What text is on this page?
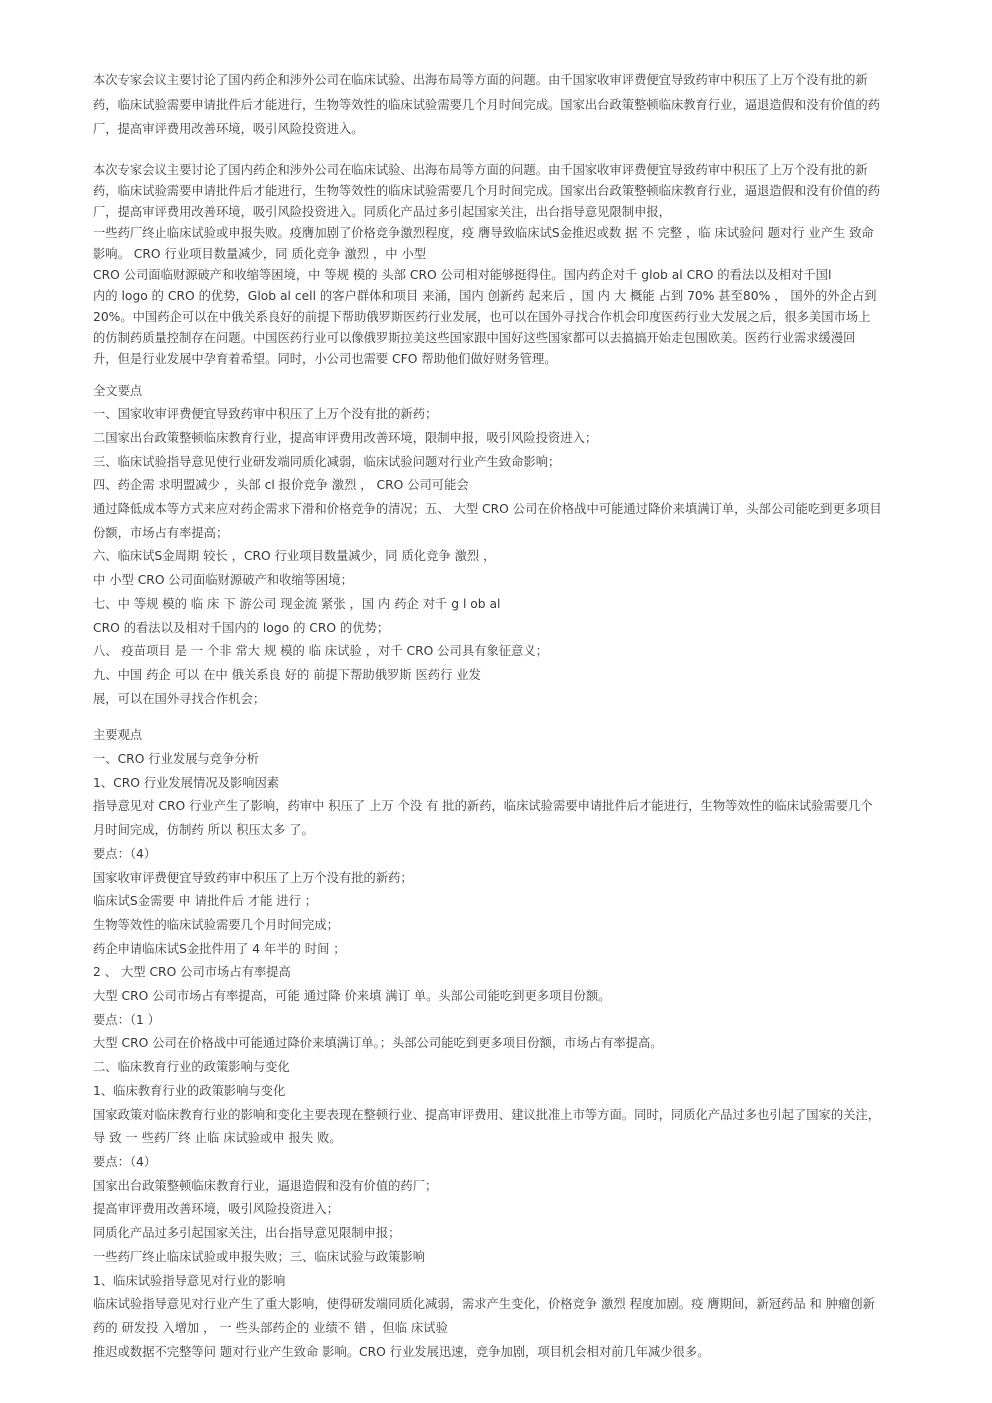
本次专家会议主要讨论了国内药企和涉外公司在临床试验、出海布局等方面的问题。由千国家收审评费便宜导致药审中积压了上万个没有批的新

药，临床试验需要申请批件后才能进行，生物等效性的临床试验需要几个月时间完成。国家出台政策整顿临床教育行业，逼退造假和没有价值的药

厂，提高审评费用改善环境，吸引风险投资进入。

本次专家会议主要讨论了国内药企和涉外公司在临床试验、出海布局等方面的问题。由千国家收审评费便宜导致药审中积压了上万个没有批的新

药，临床试验需要申请批件后才能进行，生物等效性的临床试验需要几个月时间完成。国家出台政策整顿临床教育行业，逼退造假和没有价值的药

厂，提高审评费用改善环境，吸引风险投资进入。同质化产品过多引起国家关注，出台指导意见限制申报，

一些药厂终止临床试验或申报失败。疫膺加剧了价格竞争激烈程度，疫 膺导致临床试S金推迟或数 据 不 完整 ，临 床试验问 题对行 业产生 致命

影响。 CRO 行业项目数量减少，同 质化竞争 激烈 ，中 小型

CRO 公司面临财源破产和收缩等困境，中 等规 模的 头部 CRO 公司相对能够挺得住。国内药企对千 glob al CRO 的看法以及相对千国l

内的 logo 的 CRO 的优势，Glob al cell 的客户群体和项目 来涌，国内 创新药 起来后 ，国 内 大 概能 占到 70% 甚至80% ， 国外的外企占到

20%。中国药企可以在中俄关系良好的前提下帮助俄罗斯医药行业发展，也可以在国外寻找合作机会印度医药行业大发展之后，很多美国市场上

的仿制药质量控制存在问题。中国医药行业可以像俄罗斯拉美这些国家跟中国好这些国家都可以去搞搞开始走包围欧美。医药行业需求缓漫回

升，但是行业发展中孕育着希望。同时，小公司也需要 CFO 帮助他们做好财务管理。

全文要点

一、国家收审评费便宜导致药审中积压了上万个没有批的新药；

二国家出台政策整顿临床教育行业，提高审评费用改善环境，限制申报，吸引风险投资进入；

三、临床试验指导意见使行业研发端同质化减弱，临床试验问题对行业产生致命影响；

四、药企需 求明盟减少 ，头部 cl 报价竞争 激烈 ， CRO 公司可能会

通过降低成本等方式来应对药企需求下滑和价格竞争的清况；五、 大型 CRO 公司在价格战中可能通过降价来填满订单，头部公司能吃到更多项目

份额，市场占有率提高；

六、临床试S金周期 较长 ，CRO 行业项目数量减少，同 质化竞争 激烈 ，

中 小型 CRO 公司面临财源破产和收缩等困境；

七、中 等规 模的 临 床 下 游公司 现金流 紧张 ，国 内 药企 对千 g l ob al

CRO 的看法以及相对千国内的 logo 的 CRO 的优势；

八、 疫苗项目 是 一 个非 常大 规 模的 临 床试验 ，对千 CRO 公司具有象征意义；

九、中国 药企 可以 在中 俄关系良 好的 前提下帮助俄罗斯 医药行 业发

展，可以在国外寻找合作机会；

主要观点

一、CRO 行业发展与竞争分析

1、CRO 行业发展情况及影响因素

指导意见对 CRO 行业产生了影响，药审中 积压了 上万 个没 有 批的新药，临床试验需要申请批件后才能进行，生物等效性的临床试验需要几个

月时间完成，仿制药 所以 积压太多 了。

要点：（4）

国家收审评费便宜导致药审中积压了上万个没有批的新药；

临床试S金需要 申 请批件后 才能 进行 ；

生物等效性的临床试验需要几个月时间完成；

药企申请临床试S金批件用了 4 年半的 时间 ；

2 、 大型 CRO 公司市场占有率提高

大型 CRO 公司市场占有率提高，可能 通过降 价来填 满订 单。头部公司能吃到更多项目份额。

要点：（1 ）

大型 CRO 公司在价格战中可能通过降价来填满订单。；头部公司能吃到更多项目份额，市场占有率提高。

二、临床教育行业的政策影响与变化

1、临床教育行业的政策影响与变化

国家政策对临床教育行业的影响和变化主要表现在整顿行业、提高审评费用、建议批准上市等方面。同时，同质化产品过多也引起了国家的关注，

导 致 一 些药厂终 止临 床试验或申 报失 败。

要点：（4）

国家出台政策整顿临床教育行业，逼退造假和没有价值的药厂；

提高审评费用改善环境，吸引风险投资进入；

同质化产品过多引起国家关注，出台指导意见限制申报；

一些药厂终止临床试验或申报失败；三、临床试验与政策影响

1、临床试验指导意见对行业的影响

临床试验指导意见对行业产生了重大影响，使得研发端同质化减弱，需求产生变化，价格竞争 激烈 程度加剧。疫 膺期间，新冠药品 和 肿瘤创新

药的 研发投 入增加 ， 一 些头部药企的 业绩不 错 ，但临 床试验

推迟或数据不完整等问 题对行业产生致命 影响。CRO 行业发展迅速，竞争加剧，项目机会相对前几年减少很多。
